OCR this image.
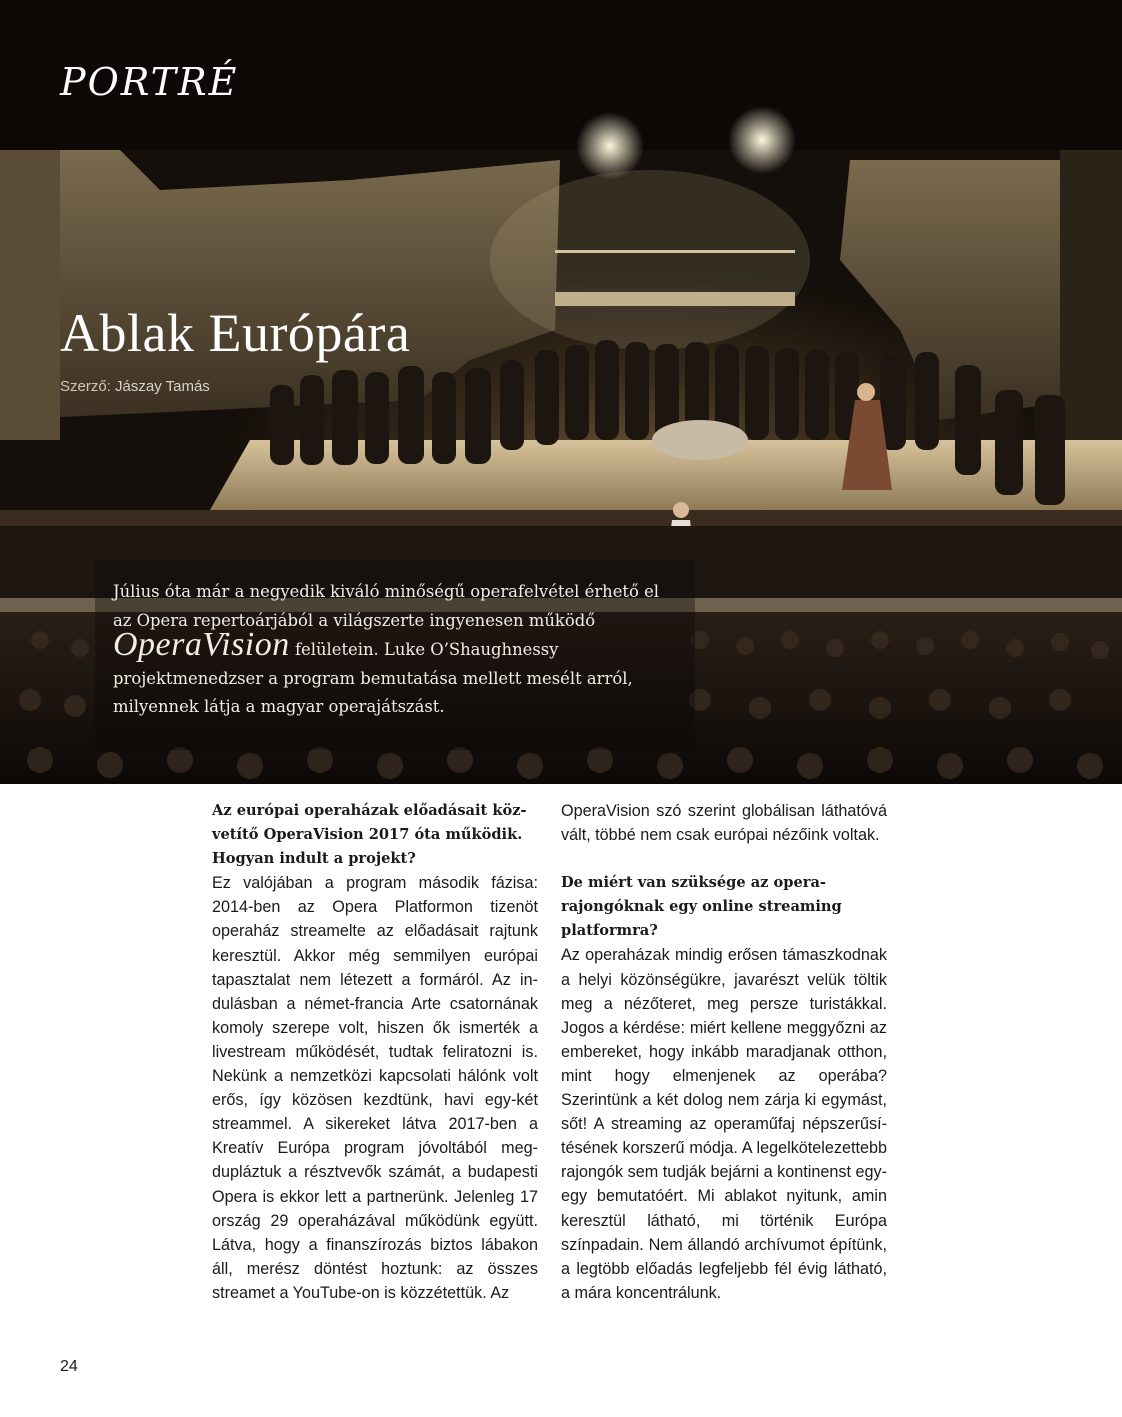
PORTRÉ
Ablak Európára
Szerző: Jászay Tamás

Július óta már a negyedik kiváló minőségű operafelvétel érhető el az Opera repertoárjából a világszerte ingyenesen működő OperaVision felületein. Luke O’Shaughnessy projektmenedzser a program bemutatása mellett mesélt arról, milyennek látja a magyar operajátszást.

Az európai operaházak előadásait közvetítő OperaVision 2017 óta működik. Hogyan indult a projekt?

Ez valójában a program második fázisa: 2014-ben az Opera Platformon tizenöt operaház streamelte az előadásait rajtunk keresztül. Akkor még semmilyen európai tapasztalat nem létezett a formáról. Az indulásban a német-francia Arte csatornának komoly szerepe volt, hiszen ők ismerték a livestream működését, tudtak feliratozni is. Nekünk a nemzetközi kapcsolati hálónk volt erős, így közösen kezdtünk, havi egy-két streammel. A sikereket látva 2017-ben a Kreatív Európa program jóvoltából megdupláztuk a résztvevők számát, a budapesti Opera is ekkor lett a partnerünk. Jelenleg 17 ország 29 operaházával működünk együtt. Látva, hogy a finanszírozás biztos lábakon áll, merész döntést hoztunk: az összes streamet a YouTube-on is közzétettük. Az

OperaVision szó szerint globálisan láthatóvá vált, többé nem csak európai nézőink voltak.

De miért van szüksége az operarajongóknak egy online streaming platformra?

Az operaházak mindig erősen támaszkodnak a helyi közönségükre, javarészt velük töltik meg a nézőteret, meg persze turistákkal. Jogos a kérdése: miért kellene meggyőzni az embereket, hogy inkább maradjanak otthon, mint hogy elmenjenek az operába? Szerintünk a két dolog nem zárja ki egymást, sőt! A streaming az operaműfaj népszerűsítésének korszerű módja. A legelkötelezettebb rajongók sem tudják bejárni a kontinenst egyegy bemutatóért. Mi ablakot nyitunk, amin keresztül látható, mi történik Európa színpadain. Nem állandó archívumot építünk, a legtöbb előadás legfeljebb fél évig látható, a mára koncentrálunk.

24
